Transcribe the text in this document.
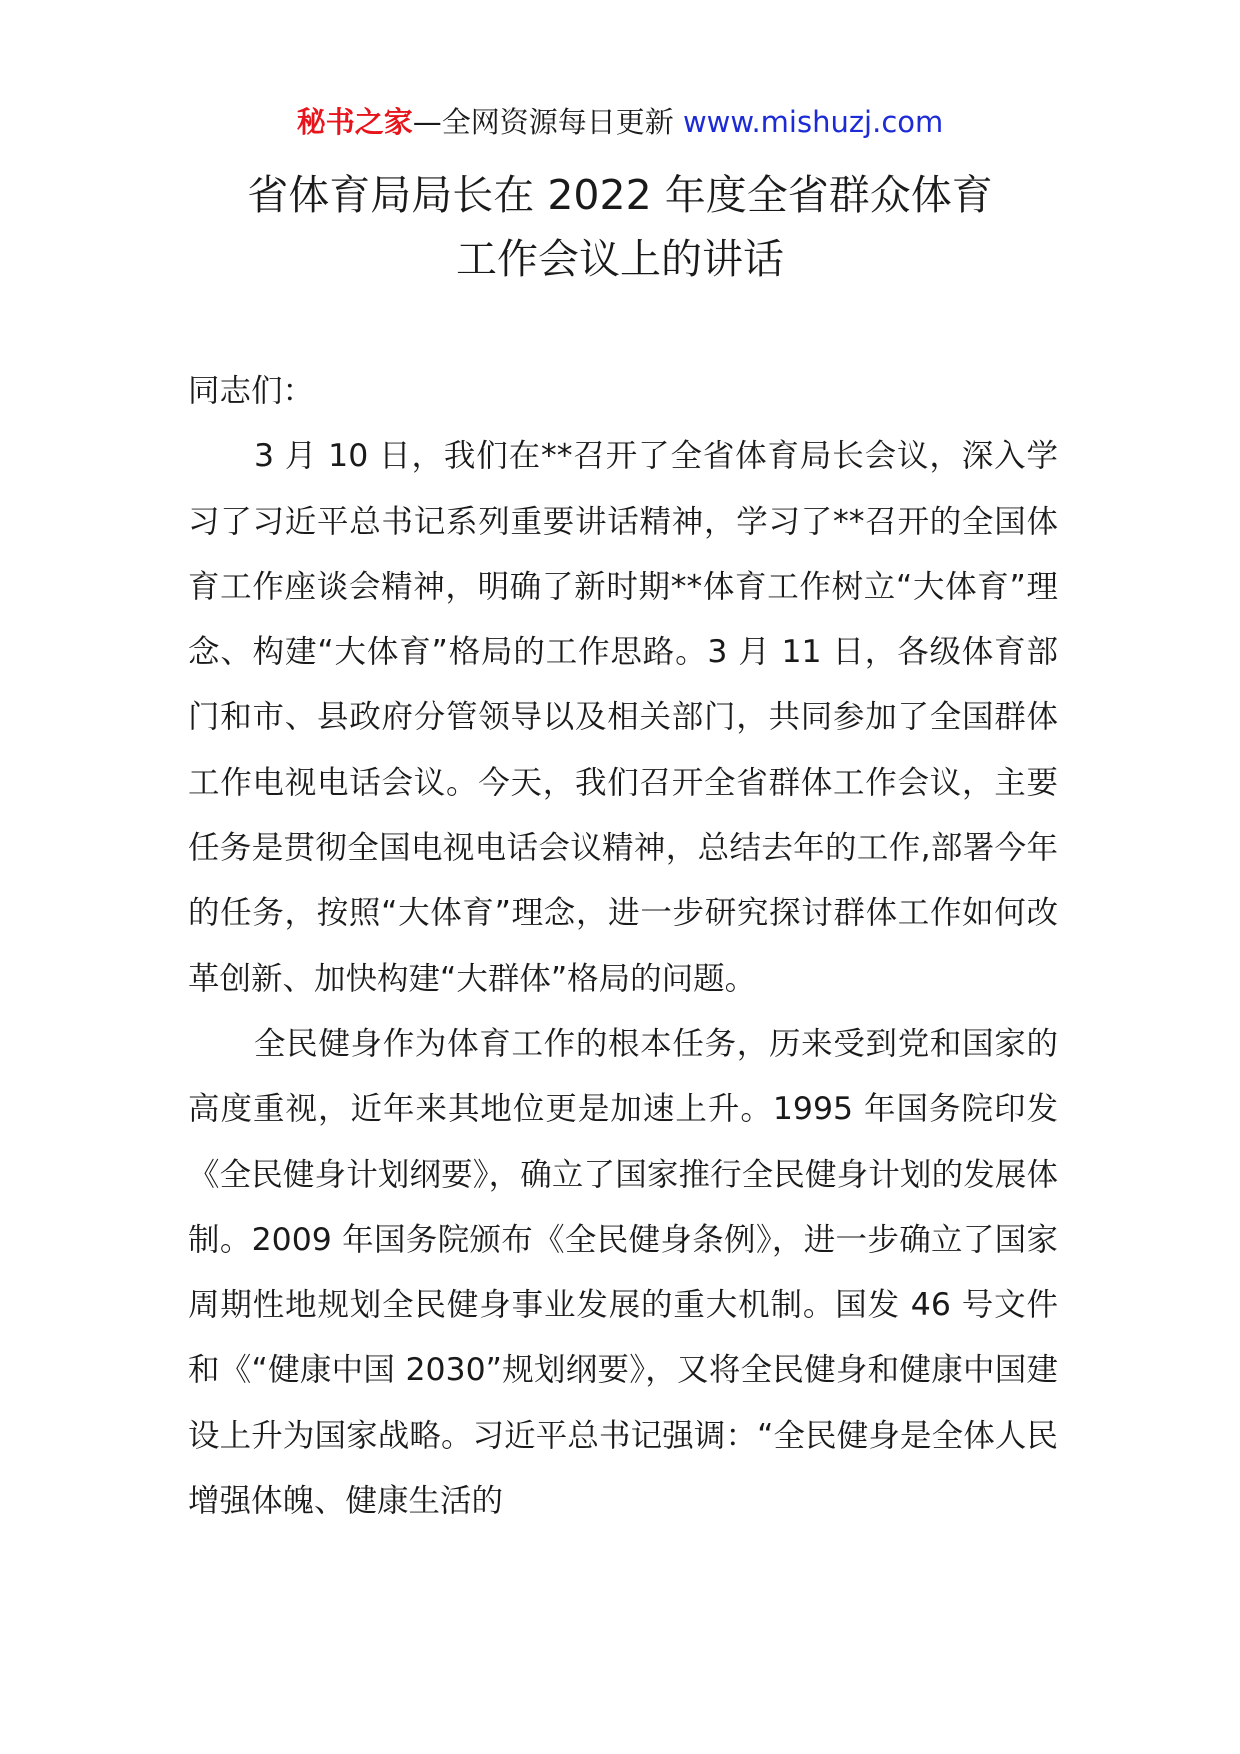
秘书之家—全网资源每日更新 www.mishuzj.com
省体育局局长在 2022 年度全省群众体育
工作会议上的讲话

同志们：

3 月 10 日，我们在**召开了全省体育局长会议，深入学习了习近平总书记系列重要讲话精神，学习了**召开的全国体育工作座谈会精神，明确了新时期**体育工作树立“大体育”理念、构建“大体育”格局的工作思路。3 月 11 日，各级体育部门和市、县政府分管领导以及相关部门，共同参加了全国群体工作电视电话会议。今天，我们召开全省群体工作会议，主要任务是贯彻全国电视电话会议精神，总结去年的工作,部署今年的任务，按照“大体育”理念，进一步研究探讨群体工作如何改革创新、加快构建“大群体”格局的问题。

全民健身作为体育工作的根本任务，历来受到党和国家的高度重视，近年来其地位更是加速上升。1995 年国务院印发《全民健身计划纲要》，确立了国家推行全民健身计划的发展体制。2009 年国务院颁布《全民健身条例》，进一步确立了国家周期性地规划全民健身事业发展的重大机制。国发 46 号文件和《“健康中国 2030”规划纲要》，又将全民健身和健康中国建设上升为国家战略。习近平总书记强调：“全民健身是全体人民增强体魄、健康生活的
